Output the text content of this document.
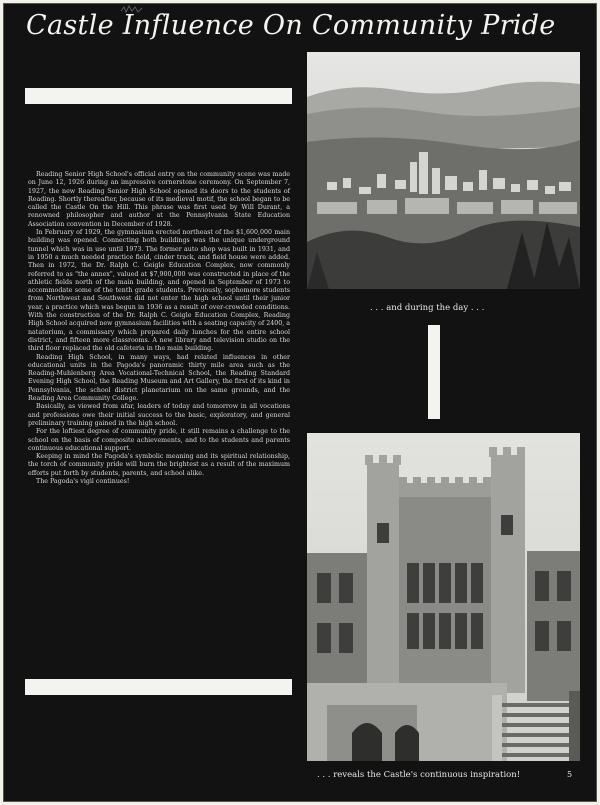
Castle Influence On Community Pride

Reading Senior High School's official entry on the community scene was made on June 12, 1926 during an impressive cornerstone ceremony. On September 7, 1927, the new Reading Senior High School opened its doors to the students of Reading. Shortly thereafter, because of its medieval motif, the school began to be called the Castle On the Hill. This phrase was first used by Will Durant, a renowned philosopher and author at the Pennsylvania State Education Association convention in December of 1928.

In February of 1929, the gymnasium erected northeast of the $1,600,000 main building was opened. Connecting both buildings was the unique underground tunnel which was in use until 1973. The former auto shop was built in 1931, and in 1950 a much needed practice field, cinder track, and field house were added. Then in 1972, the Dr. Ralph C. Geigle Education Complex, now commonly referred to as "the annex", valued at $7,900,000 was constructed in place of the athletic fields north of the main building, and opened in September of 1973 to accommodate some of the tenth grade students. Previously, sophomore students from Northwest and Southwest did not enter the high school until their junior year, a practice which was begun in 1936 as a result of over-crowded conditions. With the construction of the Dr. Ralph C. Geigle Education Complex, Reading High School acquired new gymnasium facilities with a seating capacity of 2400, a natatorium, a commissary which prepared daily lunches for the entire school district, and fifteen more classrooms. A new library and television studio on the third floor replaced the old cafeteria in the main building.

Reading High School, in many ways, had related influences in other educational units in the Pagoda's panoramic thirty mile area such as the Reading-Muhlenberg Area Vocational-Technical School, the Reading Standard Evening High School, the Reading Museum and Art Gallery, the first of its kind in Pennsylvania, the school district planetarium on the same grounds, and the Reading Area Community College.

Basically, as viewed from afar, leaders of today and tomorrow in all vocations and professions owe their initial success to the basic, exploratory, and general preliminary training gained in the high school.

For the loftiest degree of community pride, it still remains a challenge to the school on the basis of composite achievements, and to the students and parents continuous educational support.

Keeping in mind the Pagoda's symbolic meaning and its spiritual relationship, the torch of community pride will burn the brightest as a result of the maximum efforts put forth by students, parents, and school alike.

The Pagoda's vigil continues!

. . . and during the day . . .
. . . reveals the Castle's continuous inspiration!	5
